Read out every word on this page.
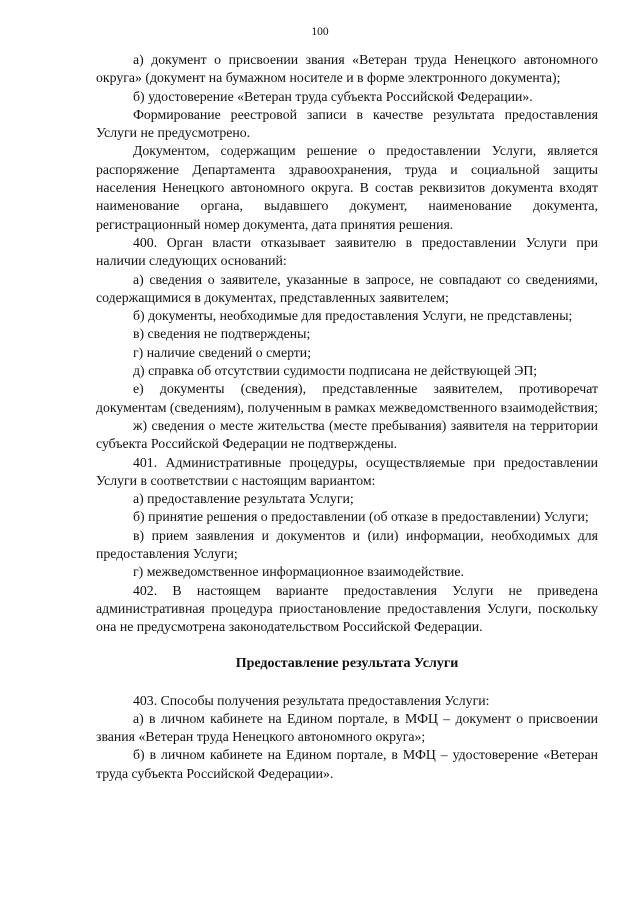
100

а) документ о присвоении звания «Ветеран труда Ненецкого автономного округа» (документ на бумажном носителе и в форме электронного документа);

б) удостоверение «Ветеран труда субъекта Российской Федерации».

Формирование реестровой записи в качестве результата предоставления Услуги не предусмотрено.

Документом, содержащим решение о предоставлении Услуги, является распоряжение Департамента здравоохранения, труда и социальной защиты населения Ненецкого автономного округа. В состав реквизитов документа входят наименование органа, выдавшего документ, наименование документа, регистрационный номер документа, дата принятия решения.

400. Орган власти отказывает заявителю в предоставлении Услуги при наличии следующих оснований:

а) сведения о заявителе, указанные в запросе, не совпадают со сведениями, содержащимися в документах, представленных заявителем;

б) документы, необходимые для предоставления Услуги, не представлены;

в) сведения не подтверждены;

г) наличие сведений о смерти;

д) справка об отсутствии судимости подписана не действующей ЭП;

е) документы (сведения), представленные заявителем, противоречат документам (сведениям), полученным в рамках межведомственного взаимодействия;

ж) сведения о месте жительства (месте пребывания) заявителя на территории субъекта Российской Федерации не подтверждены.

401. Административные процедуры, осуществляемые при предоставлении Услуги в соответствии с настоящим вариантом:

а) предоставление результата Услуги;

б) принятие решения о предоставлении (об отказе в предоставлении) Услуги;

в) прием заявления и документов и (или) информации, необходимых для предоставления Услуги;

г) межведомственное информационное взаимодействие.

402. В настоящем варианте предоставления Услуги не приведена административная процедура приостановление предоставления Услуги, поскольку она не предусмотрена законодательством Российской Федерации.

Предоставление результата Услуги

403. Способы получения результата предоставления Услуги:

а) в личном кабинете на Едином портале, в МФЦ – документ о присвоении звания «Ветеран труда Ненецкого автономного округа»;

б) в личном кабинете на Едином портале, в МФЦ – удостоверение «Ветеран труда субъекта Российской Федерации».
